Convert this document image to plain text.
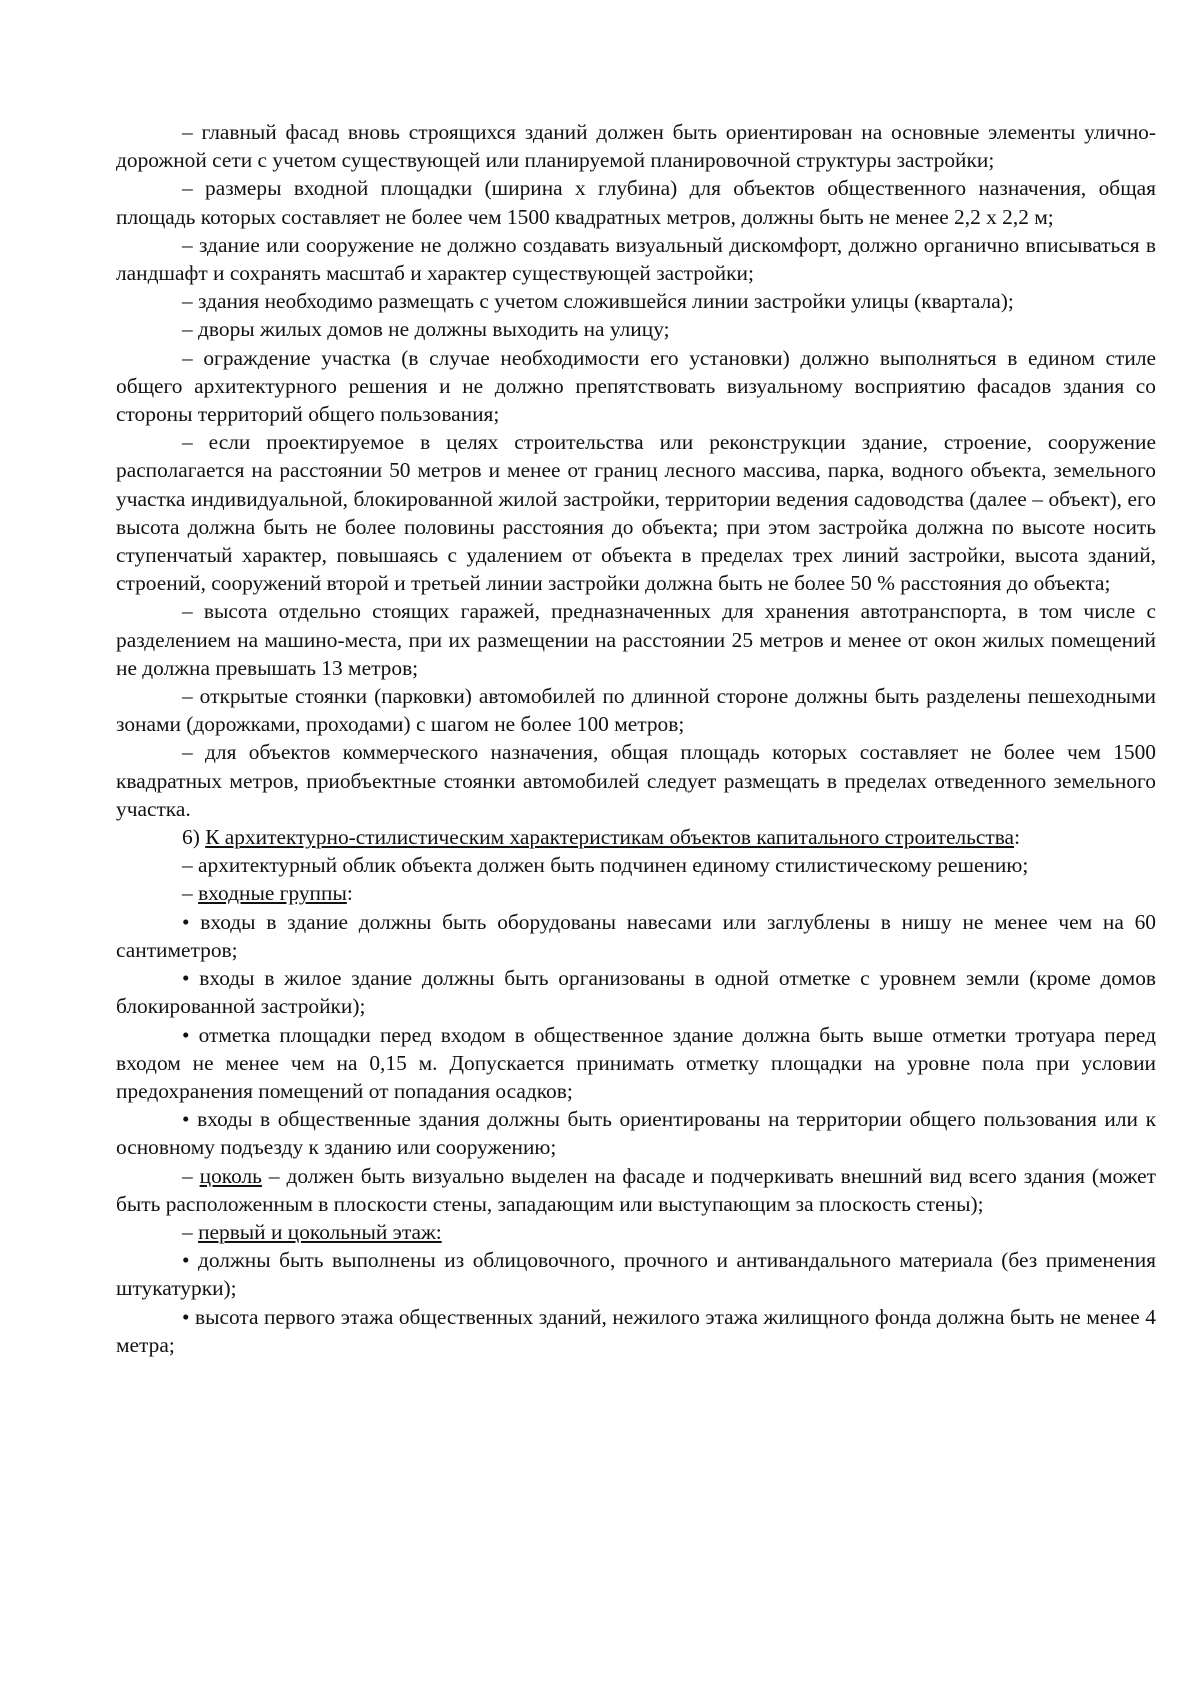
– главный фасад вновь строящихся зданий должен быть ориентирован на основные элементы улично-дорожной сети с учетом существующей или планируемой планировочной структуры застройки;

– размеры входной площадки (ширина х глубина) для объектов общественного назначения, общая площадь которых составляет не более чем 1500 квадратных метров, должны быть не менее 2,2 х 2,2 м;

– здание или сооружение не должно создавать визуальный дискомфорт, должно органично вписываться в ландшафт и сохранять масштаб и характер существующей застройки;

– здания необходимо размещать с учетом сложившейся линии застройки улицы (квартала);

– дворы жилых домов не должны выходить на улицу;

– ограждение участка (в случае необходимости его установки) должно выполняться в едином стиле общего архитектурного решения и не должно препятствовать визуальному восприятию фасадов здания со стороны территорий общего пользования;

– если проектируемое в целях строительства или реконструкции здание, строение, сооружение располагается на расстоянии 50 метров и менее от границ лесного массива, парка, водного объекта, земельного участка индивидуальной, блокированной жилой застройки, территории ведения садоводства (далее – объект), его высота должна быть не более половины расстояния до объекта; при этом застройка должна по высоте носить ступенчатый характер, повышаясь с удалением от объекта в пределах трех линий застройки, высота зданий, строений, сооружений второй и третьей линии застройки должна быть не более 50 % расстояния до объекта;

– высота отдельно стоящих гаражей, предназначенных для хранения автотранспорта, в том числе с разделением на машино-места, при их размещении на расстоянии 25 метров и менее от окон жилых помещений не должна превышать 13 метров;

– открытые стоянки (парковки) автомобилей по длинной стороне должны быть разделены пешеходными зонами (дорожками, проходами) с шагом не более 100 метров;

– для объектов коммерческого назначения, общая площадь которых составляет не более чем 1500 квадратных метров, приобъектные стоянки автомобилей следует размещать в пределах отведенного земельного участка.

6) К архитектурно-стилистическим характеристикам объектов капитального строительства:

– архитектурный облик объекта должен быть подчинен единому стилистическому решению;

– входные группы:

• входы в здание должны быть оборудованы навесами или заглублены в нишу не менее чем на 60 сантиметров;

• входы в жилое здание должны быть организованы в одной отметке с уровнем земли (кроме домов блокированной застройки);

• отметка площадки перед входом в общественное здание должна быть выше отметки тротуара перед входом не менее чем на 0,15 м. Допускается принимать отметку площадки на уровне пола при условии предохранения помещений от попадания осадков;

• входы в общественные здания должны быть ориентированы на территории общего пользования или к основному подъезду к зданию или сооружению;

– цоколь – должен быть визуально выделен на фасаде и подчеркивать внешний вид всего здания (может быть расположенным в плоскости стены, западающим или выступающим за плоскость стены);

– первый и цокольный этаж:

• должны быть выполнены из облицовочного, прочного и антивандального материала (без применения штукатурки);

• высота первого этажа общественных зданий, нежилого этажа жилищного фонда должна быть не менее 4 метра;
